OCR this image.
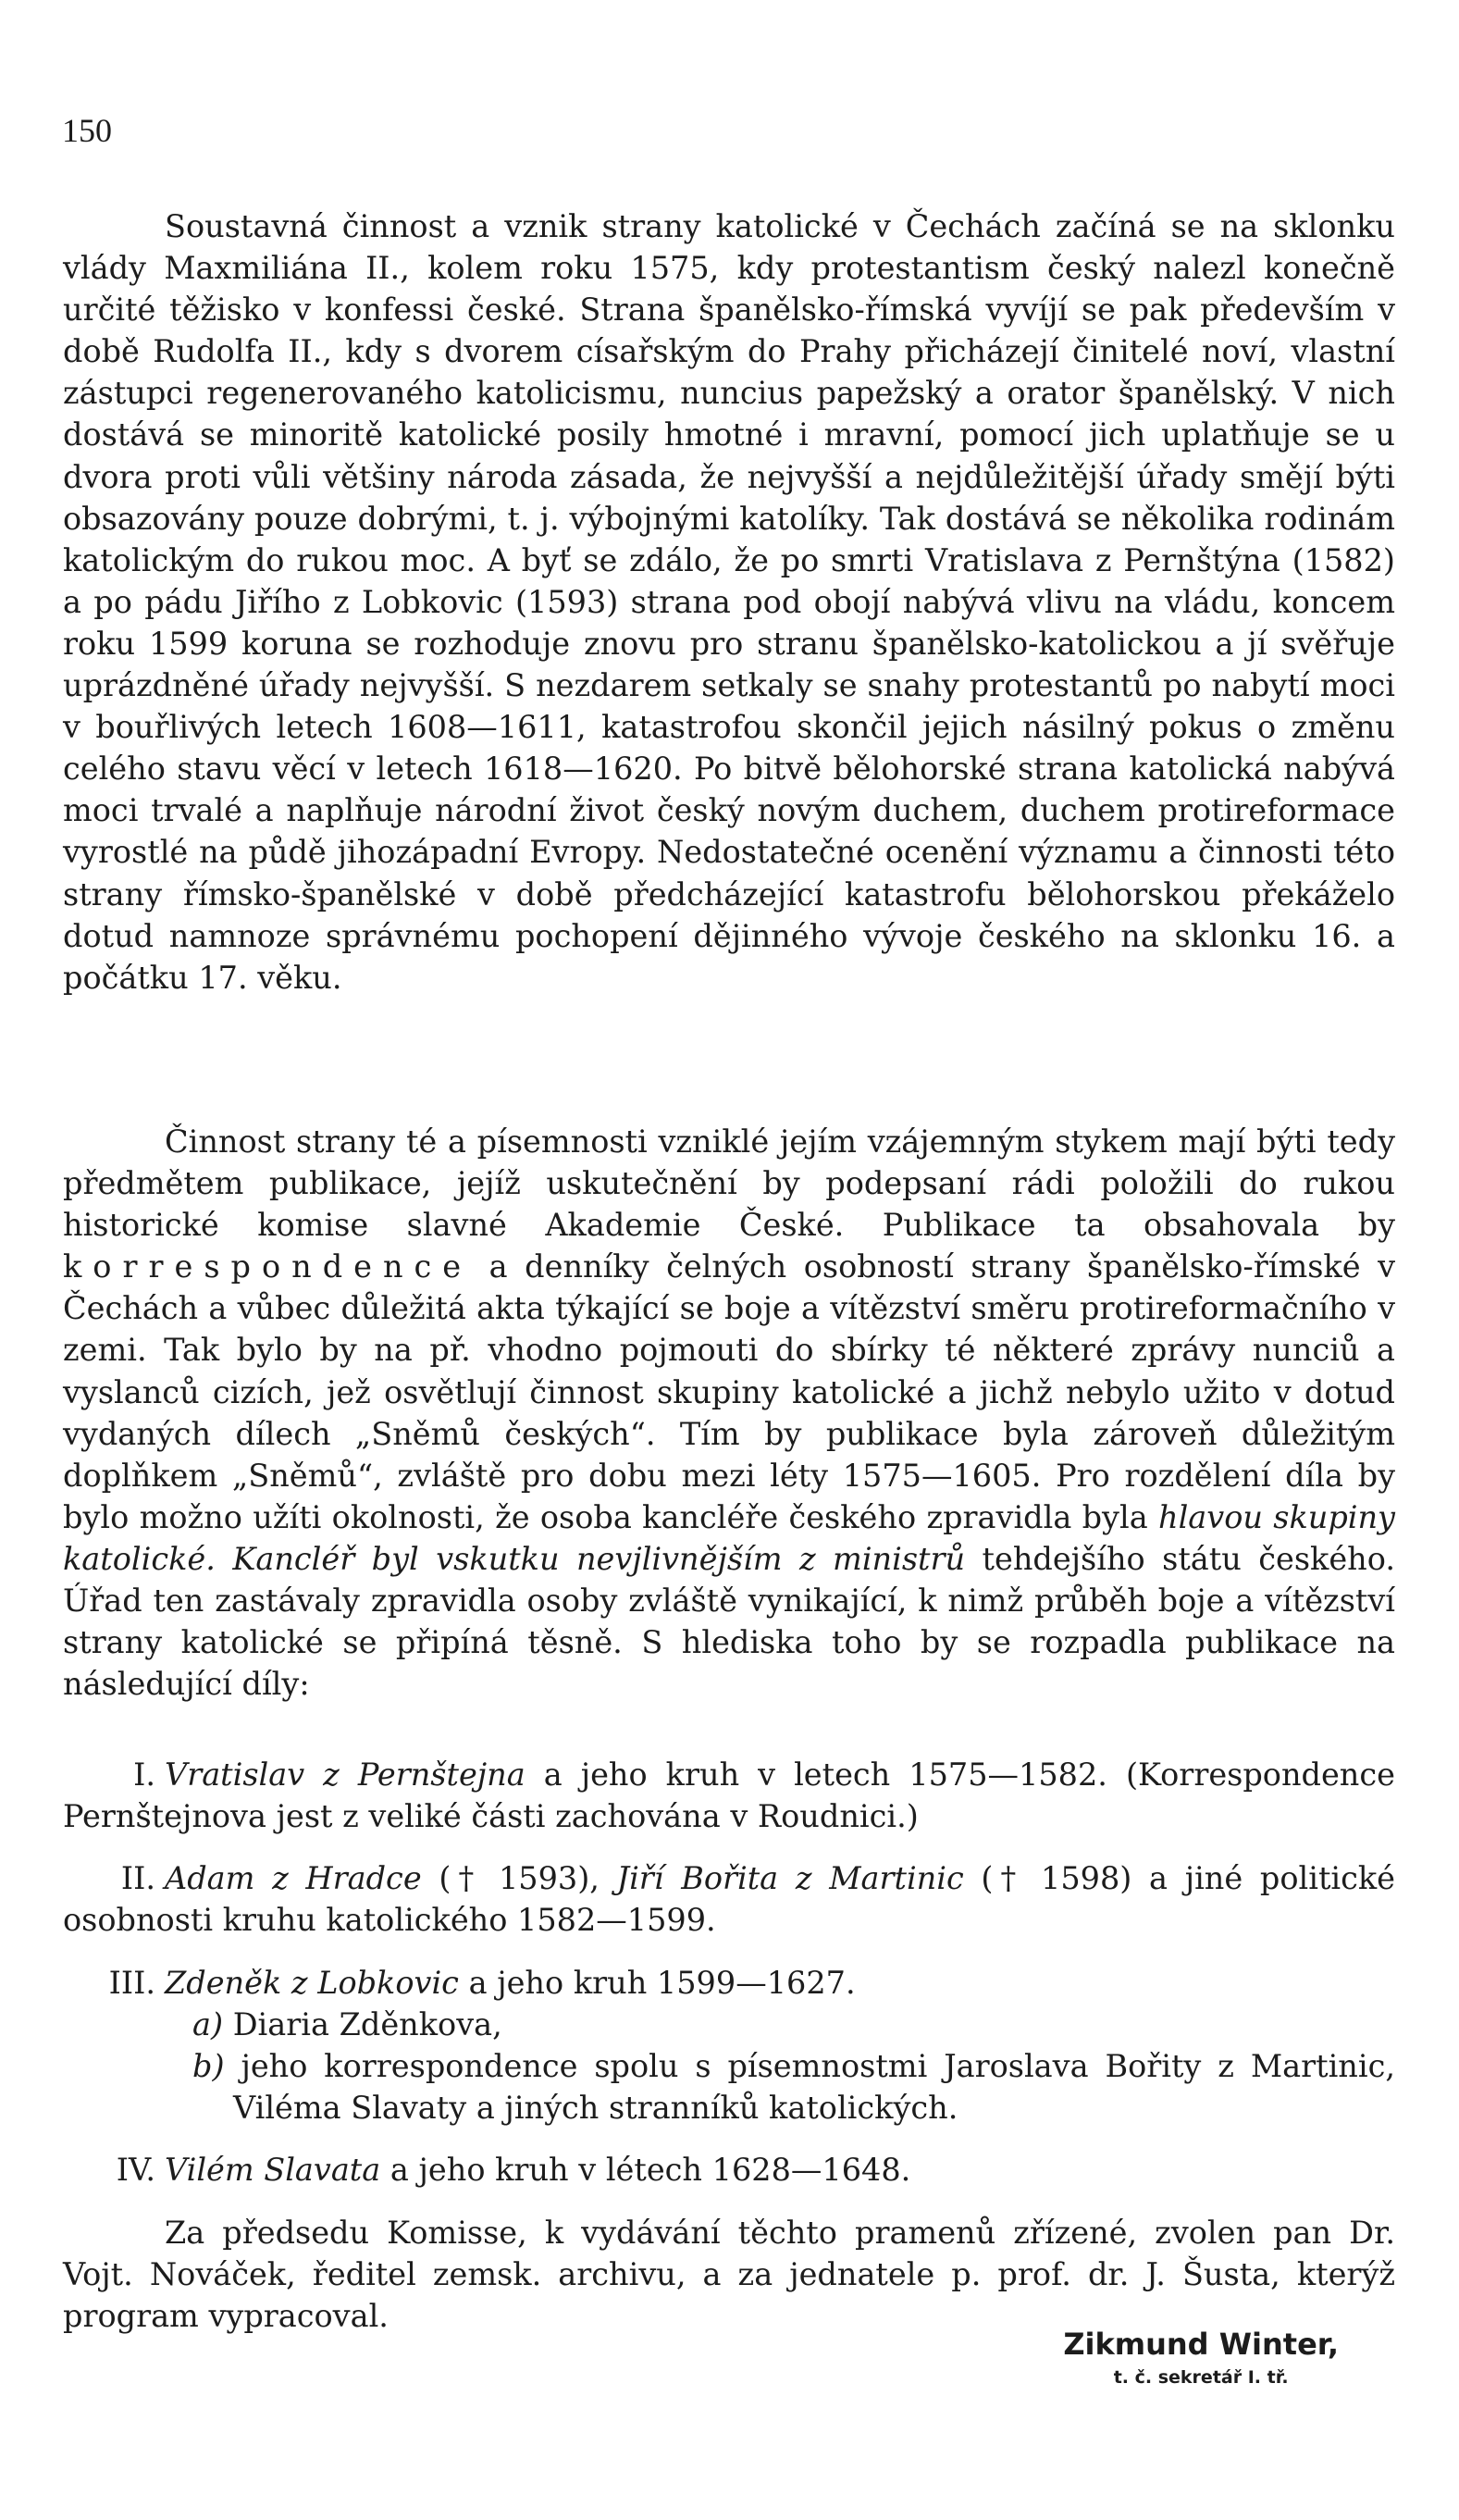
150

Soustavná činnost a vznik strany katolické v Čechách začíná se na sklonku vlády Maxmiliána II., kolem roku 1575, kdy protestantism český nalezl konečně určité těžisko v konfessi české. Strana španělsko-římská vyvíjí se pak především v době Rudolfa II., kdy s dvorem císařským do Prahy přicházejí činitelé noví, vlastní zástupci regenerovaného katolicismu, nuncius papežský a orator španělský. V nich dostává se minoritě katolické posily hmotné i mravní, pomocí jich uplatňuje se u dvora proti vůli většiny národa zásada, že nejvyšší a nejdůležitější úřady smějí býti obsazovány pouze dobrými, t. j. výbojnými katolíky. Tak dostává se několika rodinám katolickým do rukou moc. A byť se zdálo, že po smrti Vratislava z Pernštýna (1582) a po pádu Jiřího z Lobkovic (1593) strana pod obojí nabývá vlivu na vládu, koncem roku 1599 koruna se rozhoduje znovu pro stranu španělsko-katolickou a jí svěřuje uprázdněné úřady nejvyšší. S nezdarem setkaly se snahy protestantů po nabytí moci v bouřlivých letech 1608—1611, katastrofou skončil jejich násilný pokus o změnu celého stavu věcí v letech 1618—1620. Po bitvě bělohorské strana katolická nabývá moci trvalé a naplňuje národní život český novým duchem, duchem protireformace vyrostlé na půdě jihozápadní Evropy. Nedostatečné ocenění významu a činnosti této strany římsko-španělské v době předcházející katastrofu bělohorskou překáželo dotud namnoze správnému pochopení dějinného vývoje českého na sklonku 16. a počátku 17. věku.

Činnost strany té a písemnosti vzniklé jejím vzájemným stykem mají býti tedy předmětem publikace, jejíž uskutečnění by podepsaní rádi položili do rukou historické komise slavné Akademie České. Publikace ta obsahovala by korrespondence a denníky čelných osobností strany španělsko-římské v Čechách a vůbec důležitá akta týkající se boje a vítězství směru protireformačního v zemi. Tak bylo by na př. vhodno pojmouti do sbírky té některé zprávy nunciů a vyslanců cizích, jež osvětlují činnost skupiny katolické a jichž nebylo užito v dotud vydaných dílech „Sněmů českých“. Tím by publikace byla zároveň důležitým doplňkem „Sněmů“, zvláště pro dobu mezi léty 1575—1605. Pro rozdělení díla by bylo možno užíti okolnosti, že osoba kancléře českého zpravidla byla hlavou skupiny katolické. Kancléř byl vskutku nevjlivnějším z ministrů tehdejšího státu českého. Úřad ten zastávaly zpravidla osoby zvláště vynikající, k nimž průběh boje a vítězství strany katolické se připíná těsně. S hlediska toho by se rozpadla publikace na následující díly:

I. Vratislav z Pernštejna a jeho kruh v letech 1575—1582. (Korrespondence Pernštejnova jest z veliké části zachována v Roudnici.)

II. Adam z Hradce († 1593), Jiří Bořita z Martinic († 1598) a jiné politické osobnosti kruhu katolického 1582—1599.

III. Zdeněk z Lobkovic a jeho kruh 1599—1627.

a) Diaria Zděnkova,

b) jeho korrespondence spolu s písemnostmi Jaroslava Bořity z Martinic, Viléma Slavaty a jiných stranníků katolických.

IV. Vilém Slavata a jeho kruh v létech 1628—1648.

Za předsedu Komisse, k vydávání těchto pramenů zřízené, zvolen pan Dr. Vojt. Nováček, ředitel zemsk. archivu, a za jednatele p. prof. dr. J. Šusta, kterýž program vypracoval.

Zikmund Winter,
t. č. sekretář I. tř.
